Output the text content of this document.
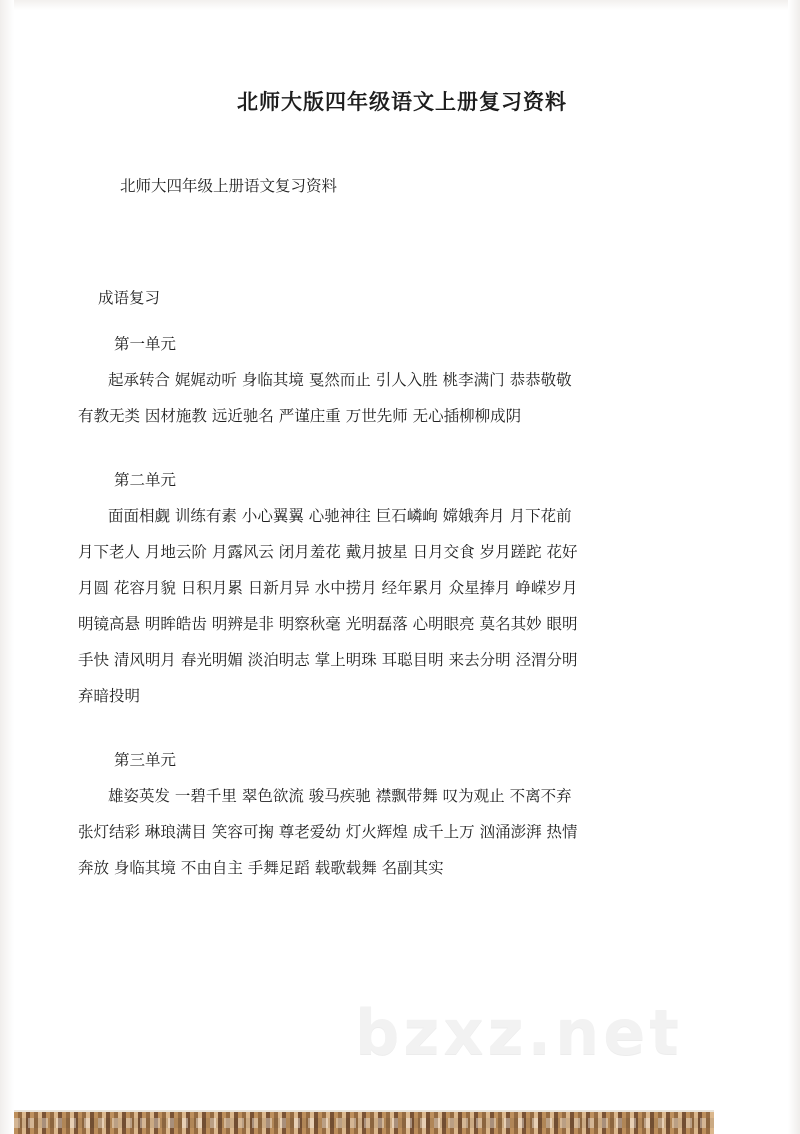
北师大版四年级语文上册复习资料

北师大四年级上册语文复习资料

成语复习

第一单元

起承转合 娓娓动听 身临其境 戛然而止 引人入胜 桃李满门 恭恭敬敬

有教无类 因材施教 远近驰名 严谨庄重 万世先师 无心插柳柳成阴

第二单元

面面相觑 训练有素 小心翼翼 心驰神往 巨石嶙峋 嫦娥奔月 月下花前

月下老人 月地云阶 月露风云 闭月羞花 戴月披星 日月交食 岁月蹉跎 花好

月圆 花容月貌 日积月累 日新月异 水中捞月 经年累月 众星捧月 峥嵘岁月

明镜高悬 明眸皓齿 明辨是非 明察秋毫 光明磊落 心明眼亮 莫名其妙 眼明

手快 清风明月 春光明媚 淡泊明志 掌上明珠 耳聪目明 来去分明 泾渭分明

弃暗投明

第三单元

雄姿英发 一碧千里 翠色欲流 骏马疾驰 襟飘带舞 叹为观止 不离不弃

张灯结彩 琳琅满目 笑容可掬 尊老爱幼 灯火辉煌 成千上万 汹涌澎湃 热情

奔放 身临其境 不由自主 手舞足蹈 载歌载舞 名副其实

bzxz.net
